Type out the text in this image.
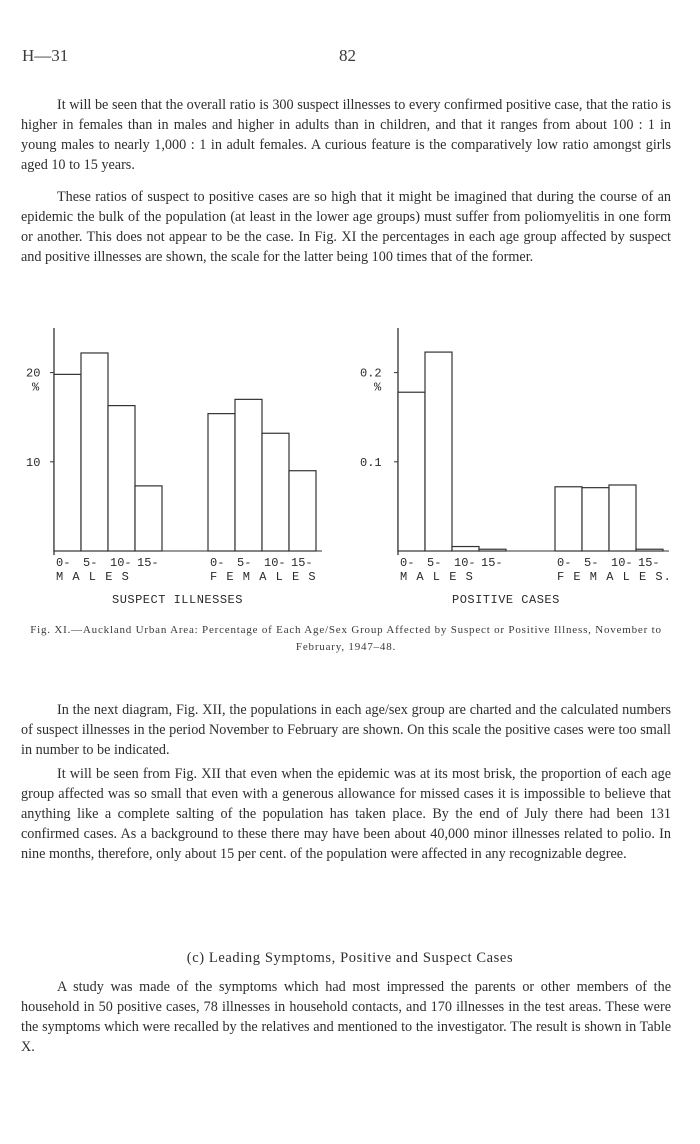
H—31	82

It will be seen that the overall ratio is 300 suspect illnesses to every confirmed positive case, that the ratio is higher in females than in males and higher in adults than in children, and that it ranges from about 100 : 1 in young males to nearly 1,000 : 1 in adult females. A curious feature is the comparatively low ratio amongst girls aged 10 to 15 years.

These ratios of suspect to positive cases are so high that it might be imagined that during the course of an epidemic the bulk of the population (at least in the lower age groups) must suffer from poliomyelitis in one form or another. This does not appear to be the case. In Fig. XI the percentages in each age group affected by suspect and positive illnesses are shown, the scale for the latter being 100 times that of the former.

10
20
%
0- 5- 10- 15-
M A L E S
0- 5- 10- 15-
F E M A L E S
SUSPECT ILLNESSES
0.1
0.2
%
0- 5- 10- 15-
M A L E S
0- 5- 10- 15-
F E M A L E S.
POSITIVE CASES
Fig. XI.—Auckland Urban Area: Percentage of Each Age/Sex Group Affected by Suspect or Positive Illness, November to February, 1947–48.

In the next diagram, Fig. XII, the populations in each age/sex group are charted and the calculated numbers of suspect illnesses in the period November to February are shown. On this scale the positive cases were too small in number to be indicated.

It will be seen from Fig. XII that even when the epidemic was at its most brisk, the proportion of each age group affected was so small that even with a generous allowance for missed cases it is impossible to believe that anything like a complete salting of the population has taken place. By the end of July there had been 131 confirmed cases. As a background to these there may have been about 40,000 minor illnesses related to polio. In nine months, therefore, only about 15 per cent. of the population were affected in any recognizable degree.

(c) Leading Symptoms, Positive and Suspect Cases

A study was made of the symptoms which had most impressed the parents or other members of the household in 50 positive cases, 78 illnesses in household contacts, and 170 illnesses in the test areas. These were the symptoms which were recalled by the relatives and mentioned to the investigator. The result is shown in Table X.
